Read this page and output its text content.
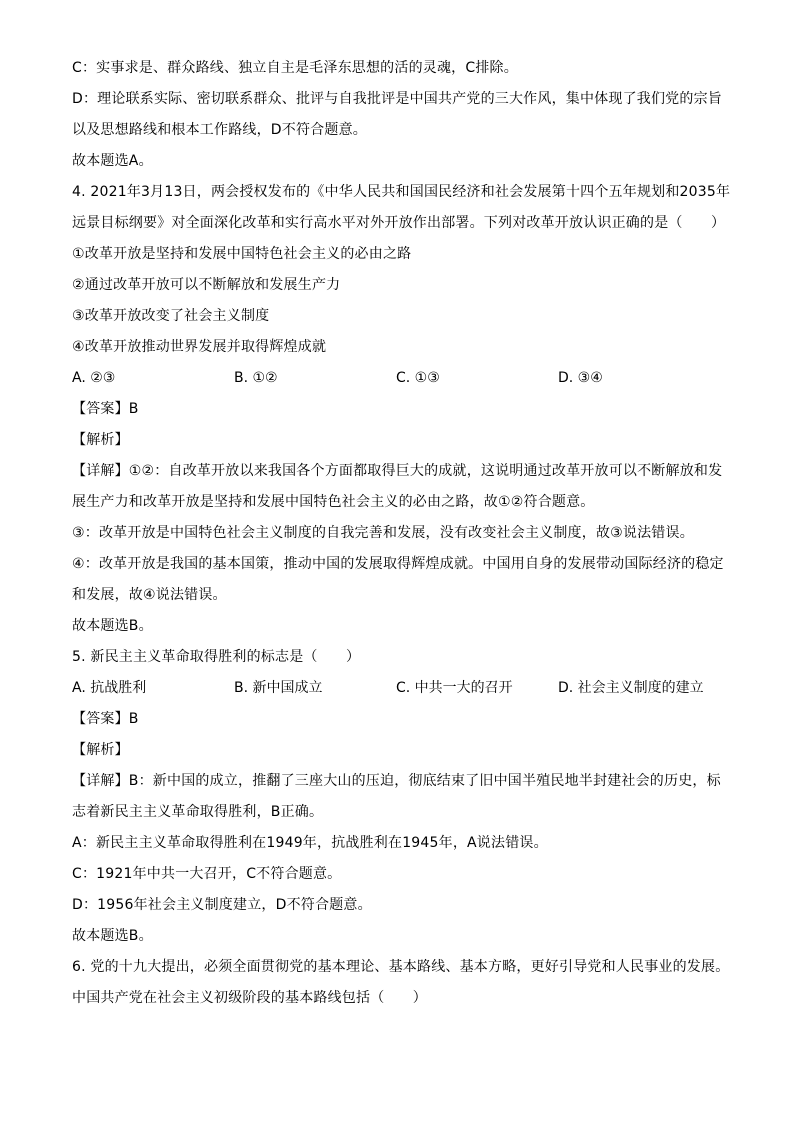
C：实事求是、群众路线、独立自主是毛泽东思想的活的灵魂，C排除。
D：理论联系实际、密切联系群众、批评与自我批评是中国共产党的三大作风，集中体现了我们党的宗旨
以及思想路线和根本工作路线，D不符合题意。
故本题选A。
4. 2021年3月13日，两会授权发布的《中华人民共和国国民经济和社会发展第十四个五年规划和2035年
远景目标纲要》对全面深化改革和实行高水平对外开放作出部署。下列对改革开放认识正确的是（　　）
①改革开放是坚持和发展中国特色社会主义的必由之路
②通过改革开放可以不断解放和发展生产力
③改革开放改变了社会主义制度
④改革开放推动世界发展并取得辉煌成就
A. ②③	B. ①②	C. ①③	D. ③④
【答案】B
【解析】
【详解】①②：自改革开放以来我国各个方面都取得巨大的成就，这说明通过改革开放可以不断解放和发
展生产力和改革开放是坚持和发展中国特色社会主义的必由之路，故①②符合题意。
③：改革开放是中国特色社会主义制度的自我完善和发展，没有改变社会主义制度，故③说法错误。
④：改革开放是我国的基本国策，推动中国的发展取得辉煌成就。中国用自身的发展带动国际经济的稳定
和发展，故④说法错误。
故本题选B。
5. 新民主主义革命取得胜利的标志是（　　）
A. 抗战胜利	B. 新中国成立	C. 中共一大的召开	D. 社会主义制度的建立
【答案】B
【解析】
【详解】B：新中国的成立，推翻了三座大山的压迫，彻底结束了旧中国半殖民地半封建社会的历史，标
志着新民主主义革命取得胜利，B正确。
A：新民主主义革命取得胜利在1949年，抗战胜利在1945年，A说法错误。
C：1921年中共一大召开，C不符合题意。
D：1956年社会主义制度建立，D不符合题意。
故本题选B。
6. 党的十九大提出，必须全面贯彻党的基本理论、基本路线、基本方略，更好引导党和人民事业的发展。
中国共产党在社会主义初级阶段的基本路线包括（　　）
